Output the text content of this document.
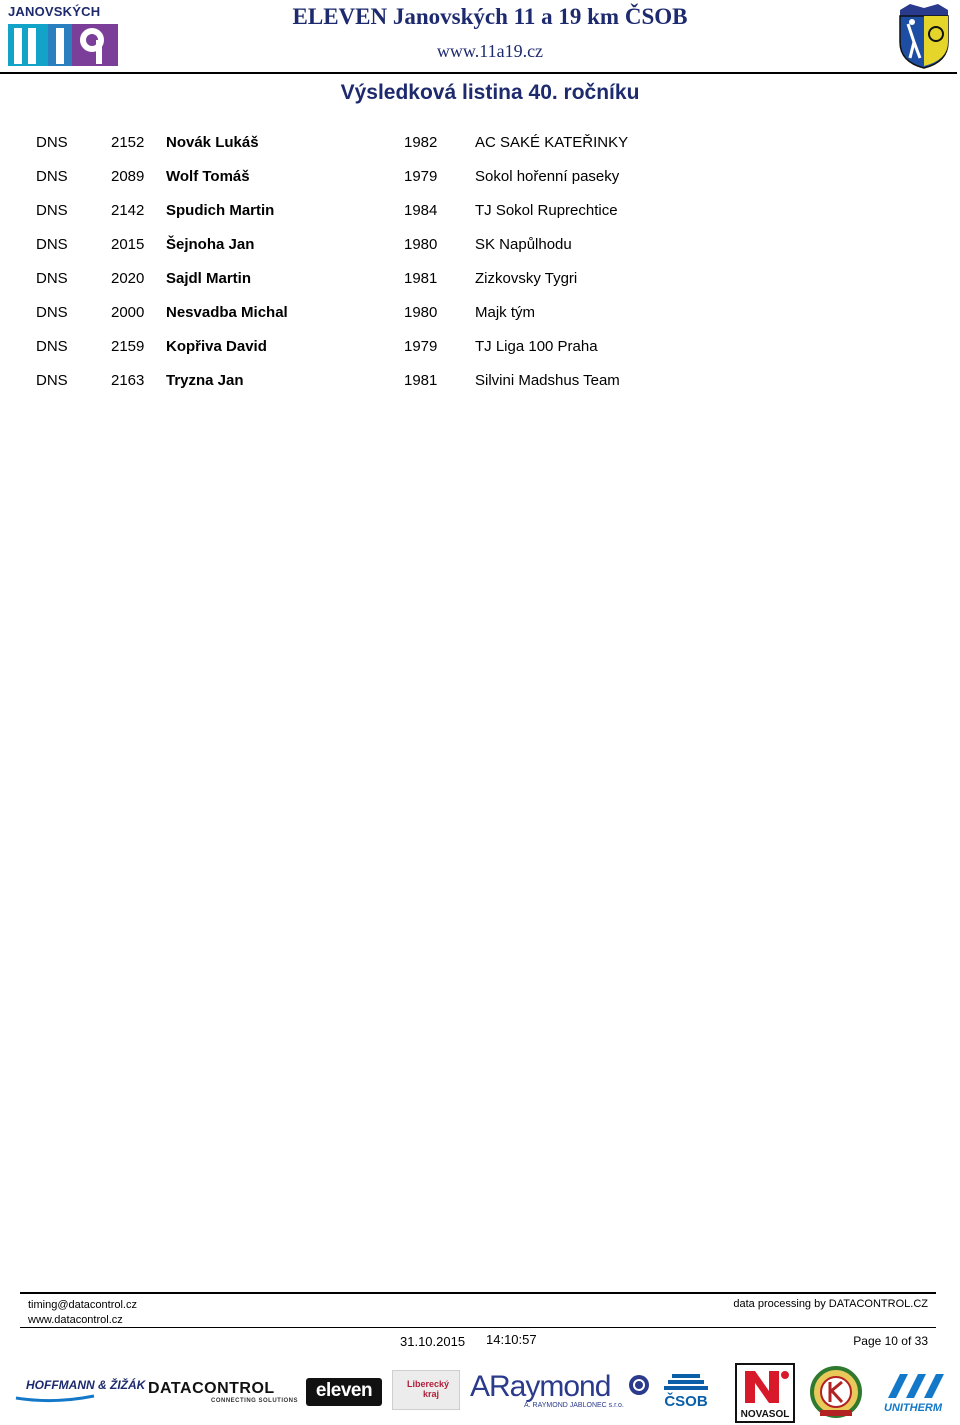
JANOVSKÝCH	ELEVEN Janovských 11 a 19 km ČSOB
www.11a19.cz
Výsledková listina 40. ročníku
DNS	2152 Novák Lukáš	1982	AC SAKÉ KATEŘINKY
DNS	2089 Wolf Tomáš	1979	Sokol hořenní paseky
DNS	2142 Spudich Martin	1984	TJ Sokol Ruprechtice
DNS	2015 Šejnoha Jan	1980	SK Napůlhodu
DNS	2020 Sajdl Martin	1981	Zizkovsky Tygri
DNS	2000 Nesvadba Michal	1980	Majk tým
DNS	2159 Kopřiva David	1979	TJ Liga 100 Praha
DNS	2163 Tryzna Jan	1981	Silvini Madshus Team
timing@datacontrol.cz
www.datacontrol.cz
data processing by DATACONTROL.CZ
31.10.2015 14:10:57	Page 10 of 33
HOFFMANN & ŽIŽÁK DATACONTROL
CONNECTING SOLUTIONS eleven	Liberecký
kraj ARaymond
A. RAYMOND JABLONEC s.r.o.	ČSOB
NOVASOL
UNITHERM
